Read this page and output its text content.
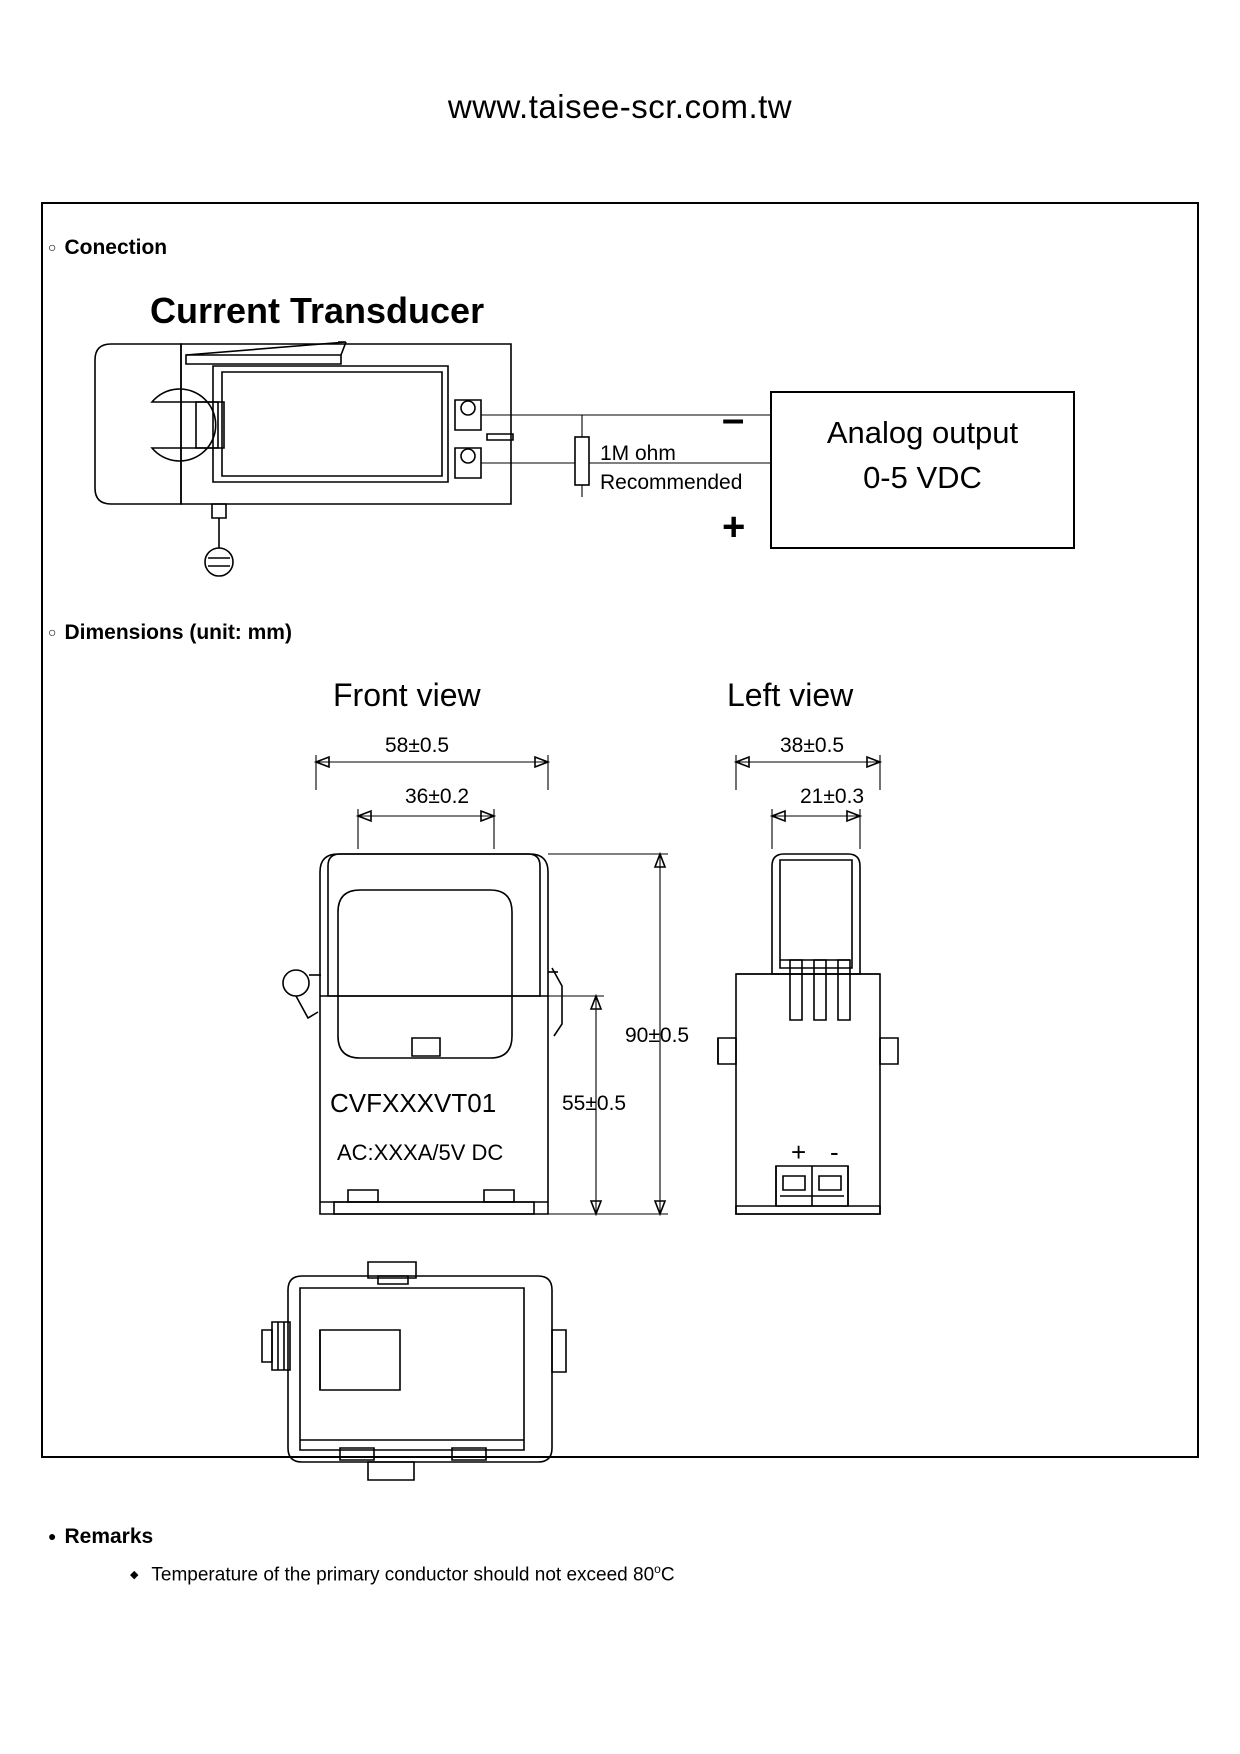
www.taisee-scr.com.tw
○ Conection
Current Transducer
1M ohm
Recommended
–
+
Analog output
0-5 VDC
○ Dimensions (unit: mm)
Front view	Left view
58±0.5
36±0.2
38±0.5
21±0.3
90±0.5
55±0.5
CVFXXXVT01
AC:XXXA/5V DC	+ -
● Remarks
◆ Temperature of the primary conductor should not exceed 80$^o$C
